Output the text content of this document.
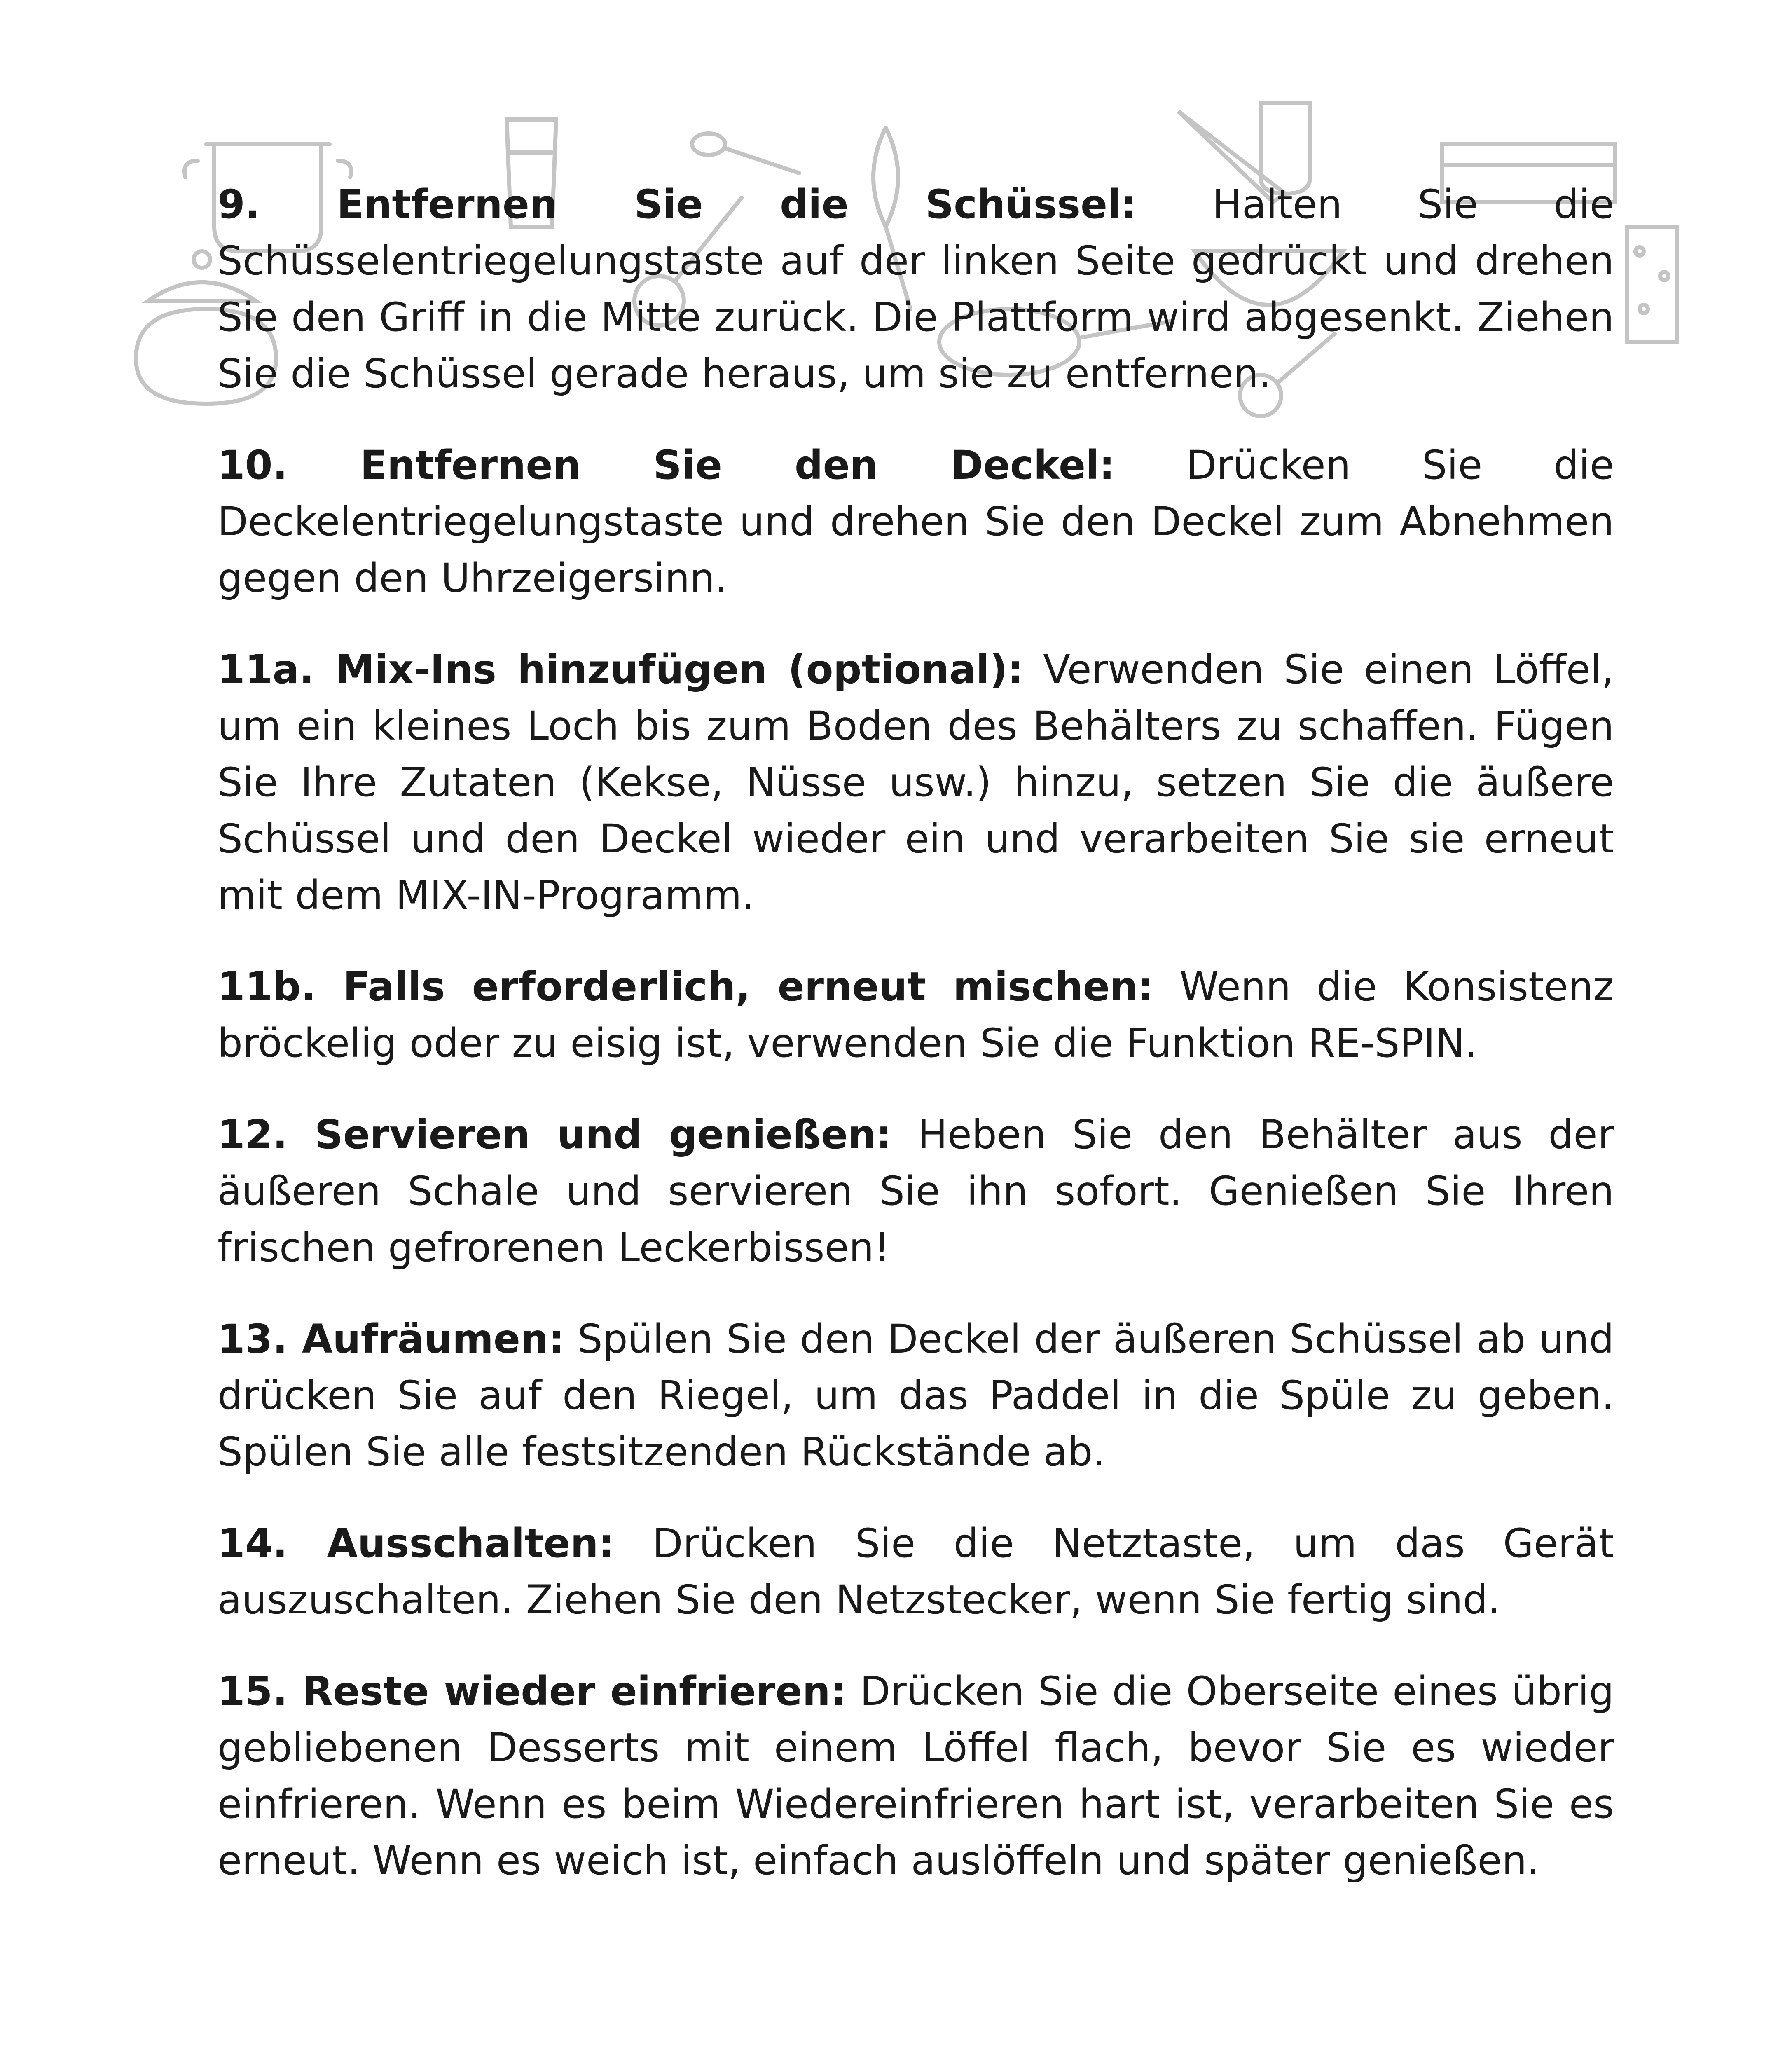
9. Entfernen Sie die Schüssel: Halten Sie die Schüsselentriegelungstaste auf der linken Seite gedrückt und drehen Sie den Griff in die Mitte zurück. Die Plattform wird abgesenkt. Ziehen Sie die Schüssel gerade heraus, um sie zu entfernen.

10. Entfernen Sie den Deckel: Drücken Sie die Deckelentriegelungstaste und drehen Sie den Deckel zum Abnehmen gegen den Uhrzeigersinn.

11a. Mix-Ins hinzufügen (optional): Verwenden Sie einen Löffel, um ein kleines Loch bis zum Boden des Behälters zu schaffen. Fügen Sie Ihre Zutaten (Kekse, Nüsse usw.) hinzu, setzen Sie die äußere Schüssel und den Deckel wieder ein und verarbeiten Sie sie erneut mit dem MIX-IN-Programm.

11b. Falls erforderlich, erneut mischen: Wenn die Konsistenz bröckelig oder zu eisig ist, verwenden Sie die Funktion RE-SPIN.

12. Servieren und genießen: Heben Sie den Behälter aus der äußeren Schale und servieren Sie ihn sofort. Genießen Sie Ihren frischen gefrorenen Leckerbissen!

13. Aufräumen: Spülen Sie den Deckel der äußeren Schüssel ab und drücken Sie auf den Riegel, um das Paddel in die Spüle zu geben. Spülen Sie alle festsitzenden Rückstände ab.

14. Ausschalten: Drücken Sie die Netztaste, um das Gerät auszuschalten. Ziehen Sie den Netzstecker, wenn Sie fertig sind.

15. Reste wieder einfrieren: Drücken Sie die Oberseite eines übrig gebliebenen Desserts mit einem Löffel flach, bevor Sie es wieder einfrieren. Wenn es beim Wiedereinfrieren hart ist, verarbeiten Sie es erneut. Wenn es weich ist, einfach auslöffeln und später genießen.
